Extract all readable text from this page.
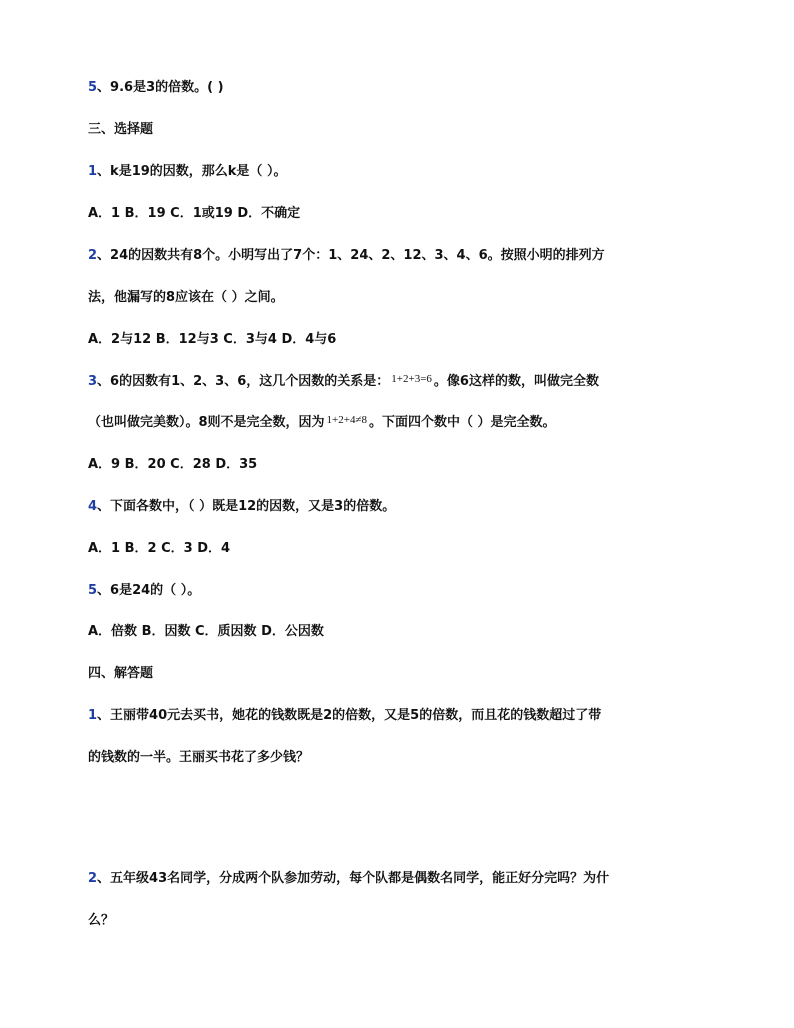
5、9.6是3的倍数。( )
三、选择题
1、k是19的因数，那么k是（ ）。
A．1 B．19 C．1或19 D．不确定
2、24的因数共有8个。小明写出了7个：1、24、2、12、3、4、6。按照小明的排列方
法，他漏写的8应该在（ ）之间。
A．2与12 B．12与3 C．3与4 D．4与6
3、6的因数有1、2、3、6，这几个因数的关系是： $^{1+2+3=6}$ 。像6这样的数，叫做完全数
（也叫做完美数）。8则不是完全数，因为 $^{1+2+4\ne 8}$ 。下面四个数中（ ）是完全数。
A．9 B．20 C．28 D．35
4、下面各数中，（ ）既是12的因数，又是3的倍数。
A．1 B．2 C．3 D．4
5、6是24的（ ）。
A．倍数 B．因数 C．质因数 D．公因数
四、解答题
1、王丽带40元去买书，她花的钱数既是2的倍数，又是5的倍数，而且花的钱数超过了带
的钱数的一半。王丽买书花了多少钱？
2、五年级43名同学，分成两个队参加劳动，每个队都是偶数名同学，能正好分完吗？为什
么？
